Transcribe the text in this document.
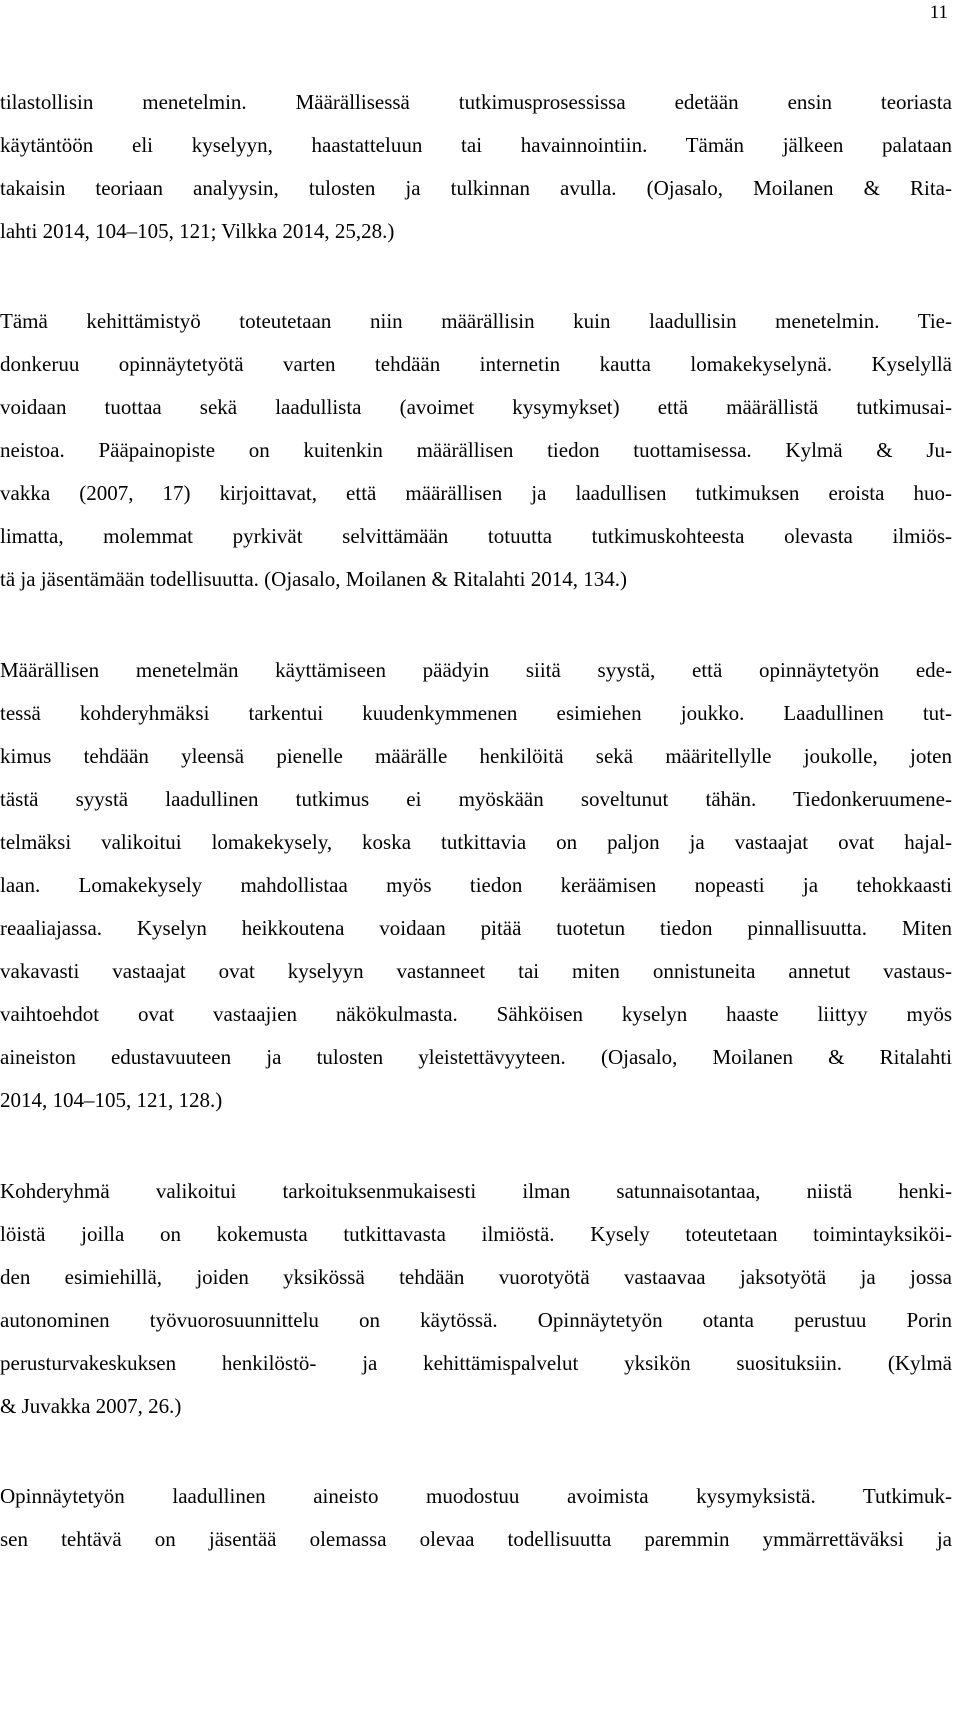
11
tilastollisin menetelmin. Määrällisessä tutkimusprosessissa edetään ensin teoriasta
käytäntöön eli kyselyyn, haastatteluun tai havainnointiin. Tämän jälkeen palataan
takaisin teoriaan analyysin, tulosten ja tulkinnan avulla. (Ojasalo, Moilanen & Rita-
lahti 2014, 104–105, 121; Vilkka 2014, 25,28.)
Tämä kehittämistyö toteutetaan niin määrällisin kuin laadullisin menetelmin. Tie-
donkeruu opinnäytetyötä varten tehdään internetin kautta lomakekyselynä. Kyselyllä
voidaan tuottaa sekä laadullista (avoimet kysymykset) että määrällistä tutkimusai-
neistoa. Pääpainopiste on kuitenkin määrällisen tiedon tuottamisessa. Kylmä & Ju-
vakka (2007, 17) kirjoittavat, että määrällisen ja laadullisen tutkimuksen eroista huo-
limatta, molemmat pyrkivät selvittämään totuutta tutkimuskohteesta olevasta ilmiös-
tä ja jäsentämään todellisuutta. (Ojasalo, Moilanen & Ritalahti 2014, 134.)
Määrällisen menetelmän käyttämiseen päädyin siitä syystä, että opinnäytetyön ede-
tessä kohderyhmäksi tarkentui kuudenkymmenen esimiehen joukko. Laadullinen tut-
kimus tehdään yleensä pienelle määrälle henkilöitä sekä määritellylle joukolle, joten
tästä syystä laadullinen tutkimus ei myöskään soveltunut tähän. Tiedonkeruumene-
telmäksi valikoitui lomakekysely, koska tutkittavia on paljon ja vastaajat ovat hajal-
laan. Lomakekysely mahdollistaa myös tiedon keräämisen nopeasti ja tehokkaasti
reaaliajassa. Kyselyn heikkoutena voidaan pitää tuotetun tiedon pinnallisuutta. Miten
vakavasti vastaajat ovat kyselyyn vastanneet tai miten onnistuneita annetut vastaus-
vaihtoehdot ovat vastaajien näkökulmasta. Sähköisen kyselyn haaste liittyy myös
aineiston edustavuuteen ja tulosten yleistettävyyteen. (Ojasalo, Moilanen & Ritalahti
2014, 104–105, 121, 128.)
Kohderyhmä valikoitui tarkoituksenmukaisesti ilman satunnaisotantaa, niistä henki-
löistä joilla on kokemusta tutkittavasta ilmiöstä. Kysely toteutetaan toimintayksiköi-
den esimiehillä, joiden yksikössä tehdään vuorotyötä vastaavaa jaksotyötä ja jossa
autonominen työvuorosuunnittelu on käytössä. Opinnäytetyön otanta perustuu Porin
perusturvakeskuksen henkilöstö- ja kehittämispalvelut yksikön suosituksiin. (Kylmä
& Juvakka 2007, 26.)
Opinnäytetyön laadullinen aineisto muodostuu avoimista kysymyksistä. Tutkimuk-
sen tehtävä on jäsentää olemassa olevaa todellisuutta paremmin ymmärrettäväksi ja
